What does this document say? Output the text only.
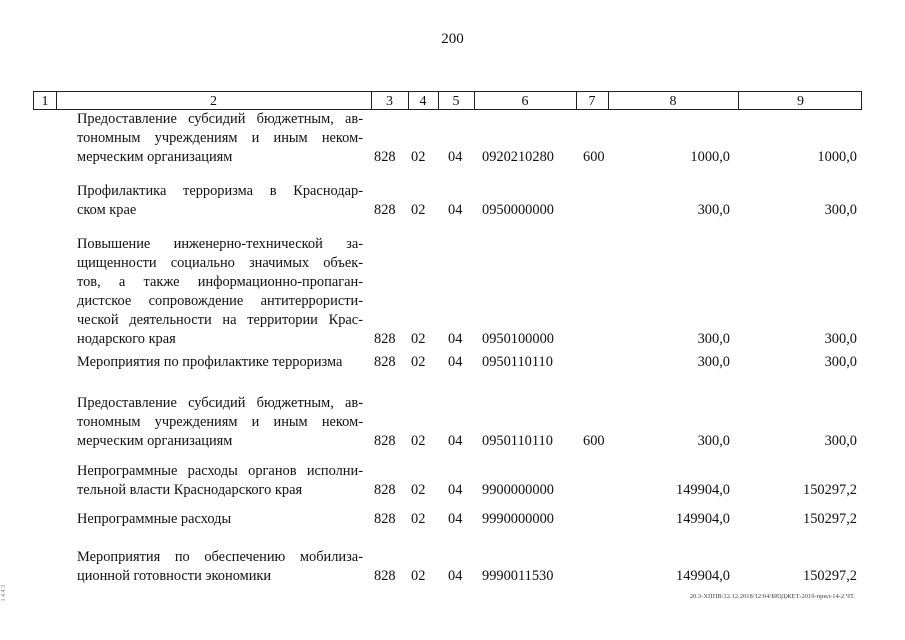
200
1	2	3	4	5	6	7	8	9
Предоставление субсидий бюджетным, ав-
тономным учреждениям и иным неком-
мерческим организациям	828 02 04 0920210280 600	1000,0	1000,0
Профилактика терроризма в Краснодар-
ском крае	828 02 04 0950000000	300,0	300,0
Повышение инженерно-технической за-
щищенности социально значимых объек-
тов, а также информационно-пропаган-
дистское сопровождение антитеррористи-
ческой деятельности на территории Крас-
нодарского края	828 02 04 0950100000	300,0	300,0
Мероприятия по профилактике терроризма	828 02 04 0950110110	300,0	300,0
Предоставление субсидий бюджетным, ав-
тономным учреждениям и иным неком-
мерческим организациям	828 02 04 0950110110 600	300,0	300,0
Непрограммные расходы органов исполни-
тельной власти Краснодарского края	828 02 04 9900000000	149904,0	150297,2
Непрограммные расходы	828 02 04 9990000000	149904,0	150297,2
Мероприятия по обеспечению мобилиза-
ционной готовности экономики	828 02 04 9990011530	149904,0	150297,2
20.3-ХППВ/12.12.2018/12:04/БЮДЖЕТ-2019-прил-14-2 ЧТ.
1 4 4 3
